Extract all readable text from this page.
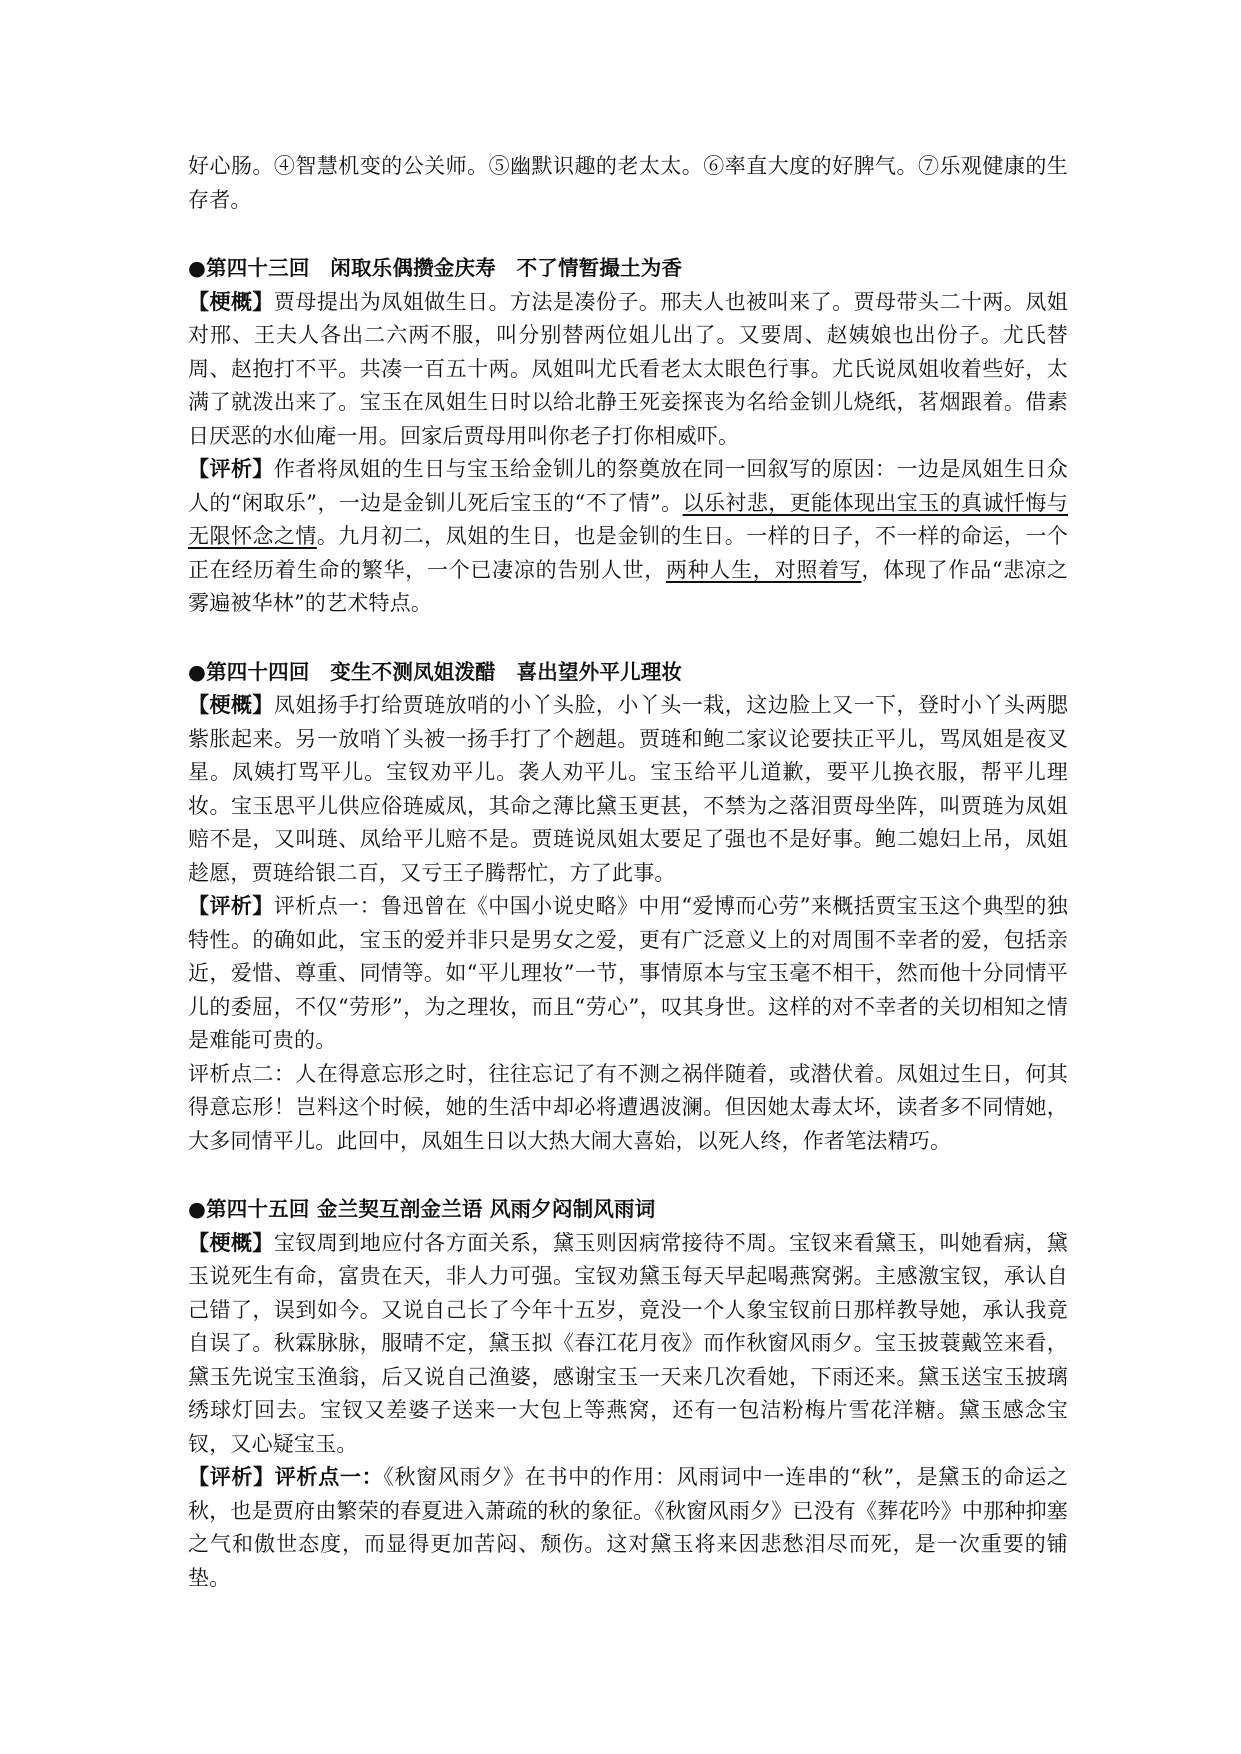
好心肠。④智慧机变的公关师。⑤幽默识趣的老太太。⑥率直大度的好脾气。⑦乐观健康的生存者。

●第四十三回　闲取乐偶攒金庆寿　不了情暂撮土为香

【梗概】贾母提出为凤姐做生日。方法是凑份子。邢夫人也被叫来了。贾母带头二十两。凤姐对邢、王夫人各出二六两不服，叫分别替两位姐儿出了。又要周、赵姨娘也出份子。尤氏替周、赵抱打不平。共凑一百五十两。凤姐叫尤氏看老太太眼色行事。尤氏说凤姐收着些好，太满了就泼出来了。宝玉在凤姐生日时以给北静王死妾探丧为名给金钏儿烧纸，茗烟跟着。借素日厌恶的水仙庵一用。回家后贾母用叫你老子打你相威吓。

【评析】作者将凤姐的生日与宝玉给金钏儿的祭奠放在同一回叙写的原因：一边是凤姐生日众人的“闲取乐”，一边是金钏儿死后宝玉的“不了情”。以乐衬悲，更能体现出宝玉的真诚忏悔与无限怀念之情。九月初二，凤姐的生日，也是金钏的生日。一样的日子，不一样的命运，一个正在经历着生命的繁华，一个已凄凉的告别人世，两种人生，对照着写，体现了作品“悲凉之雾遍被华林”的艺术特点。

●第四十四回　变生不测凤姐泼醋　喜出望外平儿理妆

【梗概】凤姐扬手打给贾琏放哨的小丫头脸，小丫头一栽，这边脸上又一下，登时小丫头两腮紫胀起来。另一放哨丫头被一扬手打了个趔趄。贾琏和鲍二家议论要扶正平儿，骂凤姐是夜叉星。凤姨打骂平儿。宝钗劝平儿。袭人劝平儿。宝玉给平儿道歉，要平儿换衣服，帮平儿理妆。宝玉思平儿供应俗琏威凤，其命之薄比黛玉更甚，不禁为之落泪贾母坐阵，叫贾琏为凤姐赔不是，又叫琏、凤给平儿赔不是。贾琏说凤姐太要足了强也不是好事。鲍二媳妇上吊，凤姐趁愿，贾琏给银二百，又亏王子腾帮忙，方了此事。

【评析】评析点一：鲁迅曾在《中国小说史略》中用“爱博而心劳”来概括贾宝玉这个典型的独特性。的确如此，宝玉的爱并非只是男女之爱，更有广泛意义上的对周围不幸者的爱，包括亲近，爱惜、尊重、同情等。如“平儿理妆”一节，事情原本与宝玉毫不相干，然而他十分同情平儿的委屈，不仅“劳形”，为之理妆，而且“劳心”，叹其身世。这样的对不幸者的关切相知之情是难能可贵的。

评析点二：人在得意忘形之时，往往忘记了有不测之祸伴随着，或潜伏着。凤姐过生日，何其得意忘形！岂料这个时候，她的生活中却必将遭遇波澜。但因她太毒太坏，读者多不同情她，大多同情平儿。此回中，凤姐生日以大热大闹大喜始，以死人终，作者笔法精巧。

●第四十五回 金兰契互剖金兰语 风雨夕闷制风雨词

【梗概】宝钗周到地应付各方面关系，黛玉则因病常接待不周。宝钗来看黛玉，叫她看病，黛玉说死生有命，富贵在天，非人力可强。宝钗劝黛玉每天早起喝燕窝粥。主感激宝钗，承认自己错了，误到如今。又说自己长了今年十五岁，竟没一个人象宝钗前日那样教导她，承认我竟自误了。秋霖脉脉，服晴不定，黛玉拟《春江花月夜》而作秋窗风雨夕。宝玉披蓑戴笠来看，黛玉先说宝玉渔翁，后又说自己渔婆，感谢宝玉一天来几次看她，下雨还来。黛玉送宝玉披璃绣球灯回去。宝钗又差婆子送来一大包上等燕窝，还有一包洁粉梅片雪花洋糖。黛玉感念宝钗，又心疑宝玉。

【评析】评析点一：《秋窗风雨夕》在书中的作用：风雨词中一连串的“秋”，是黛玉的命运之秋，也是贾府由繁荣的春夏进入萧疏的秋的象征。《秋窗风雨夕》已没有《葬花吟》中那种抑塞之气和傲世态度，而显得更加苦闷、颓伤。这对黛玉将来因悲愁泪尽而死，是一次重要的铺垫。
